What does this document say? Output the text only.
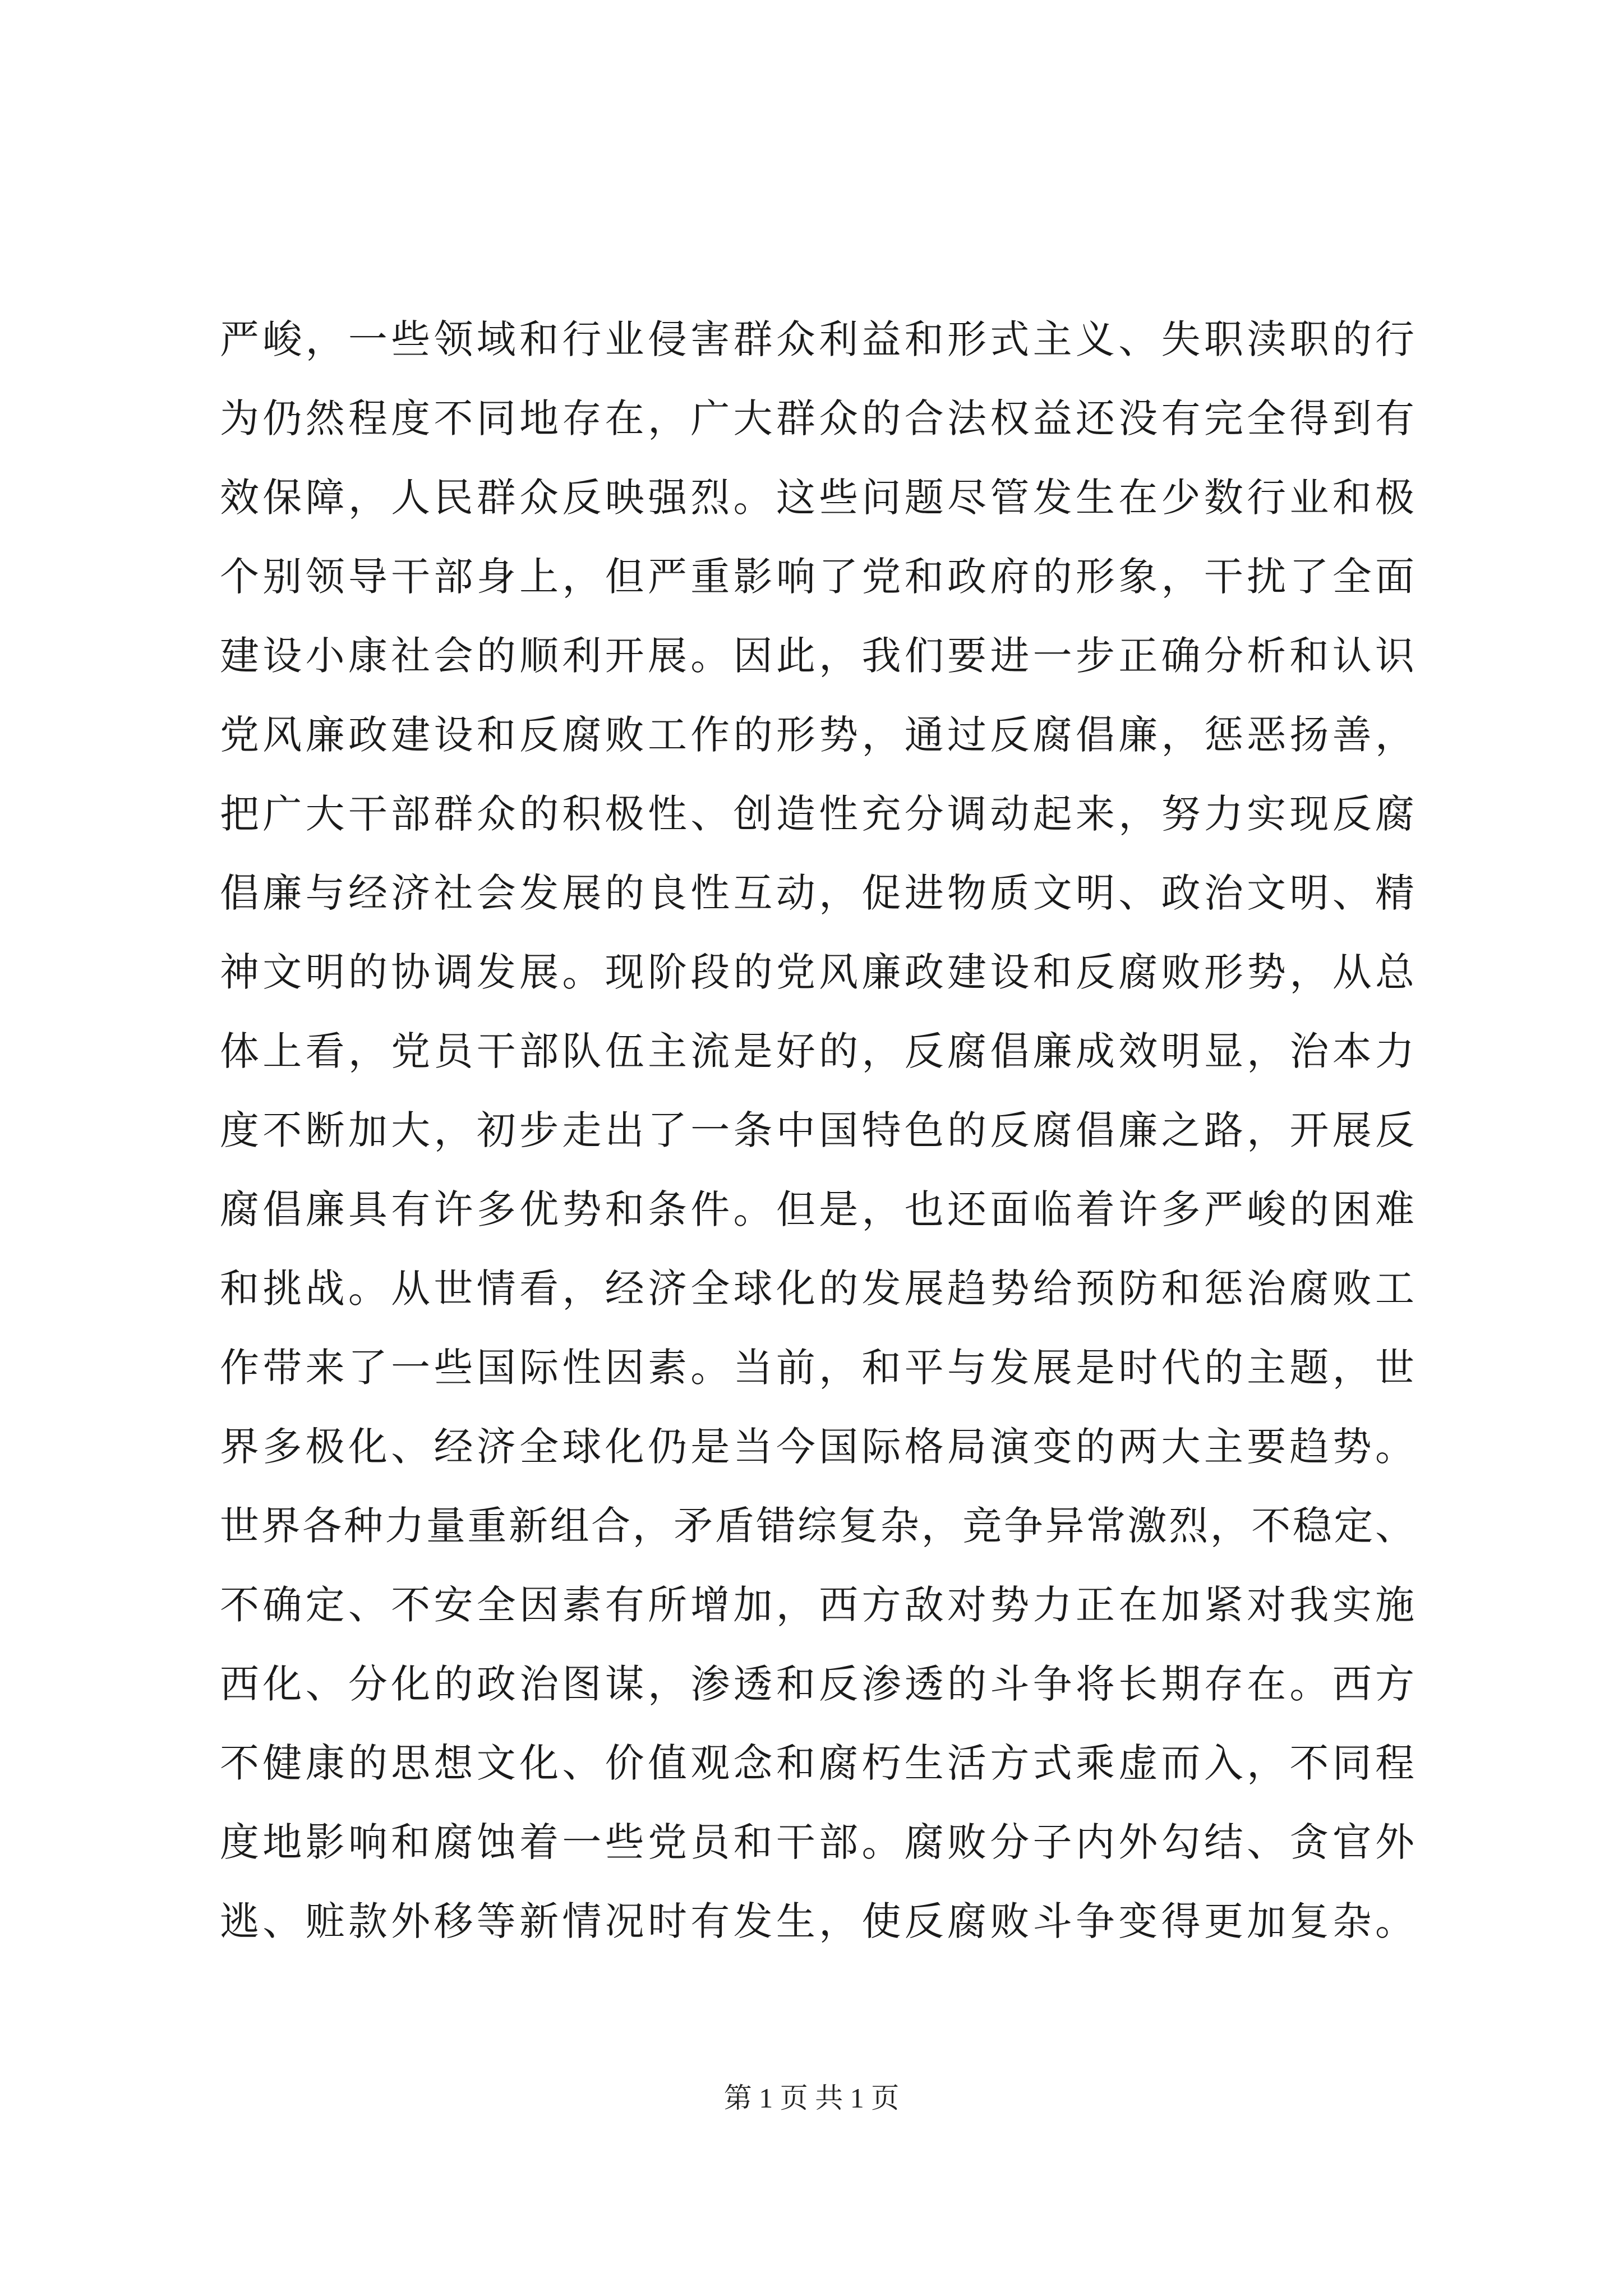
严峻，一些领域和行业侵害群众利益和形式主义、失职渎职的行
为仍然程度不同地存在，广大群众的合法权益还没有完全得到有
效保障，人民群众反映强烈。这些问题尽管发生在少数行业和极
个别领导干部身上，但严重影响了党和政府的形象，干扰了全面
建设小康社会的顺利开展。因此，我们要进一步正确分析和认识
党风廉政建设和反腐败工作的形势，通过反腐倡廉，惩恶扬善，
把广大干部群众的积极性、创造性充分调动起来，努力实现反腐
倡廉与经济社会发展的良性互动，促进物质文明、政治文明、精
神文明的协调发展。现阶段的党风廉政建设和反腐败形势，从总
体上看，党员干部队伍主流是好的，反腐倡廉成效明显，治本力
度不断加大，初步走出了一条中国特色的反腐倡廉之路，开展反
腐倡廉具有许多优势和条件。但是，也还面临着许多严峻的困难
和挑战。从世情看，经济全球化的发展趋势给预防和惩治腐败工
作带来了一些国际性因素。当前，和平与发展是时代的主题，世
界多极化、经济全球化仍是当今国际格局演变的两大主要趋势。
世界各种力量重新组合，矛盾错综复杂，竞争异常激烈，不稳定、
不确定、不安全因素有所增加，西方敌对势力正在加紧对我实施
西化、分化的政治图谋，渗透和反渗透的斗争将长期存在。西方
不健康的思想文化、价值观念和腐朽生活方式乘虚而入，不同程
度地影响和腐蚀着一些党员和干部。腐败分子内外勾结、贪官外
逃、赃款外移等新情况时有发生，使反腐败斗争变得更加复杂。
第 1 页 共 1 页
